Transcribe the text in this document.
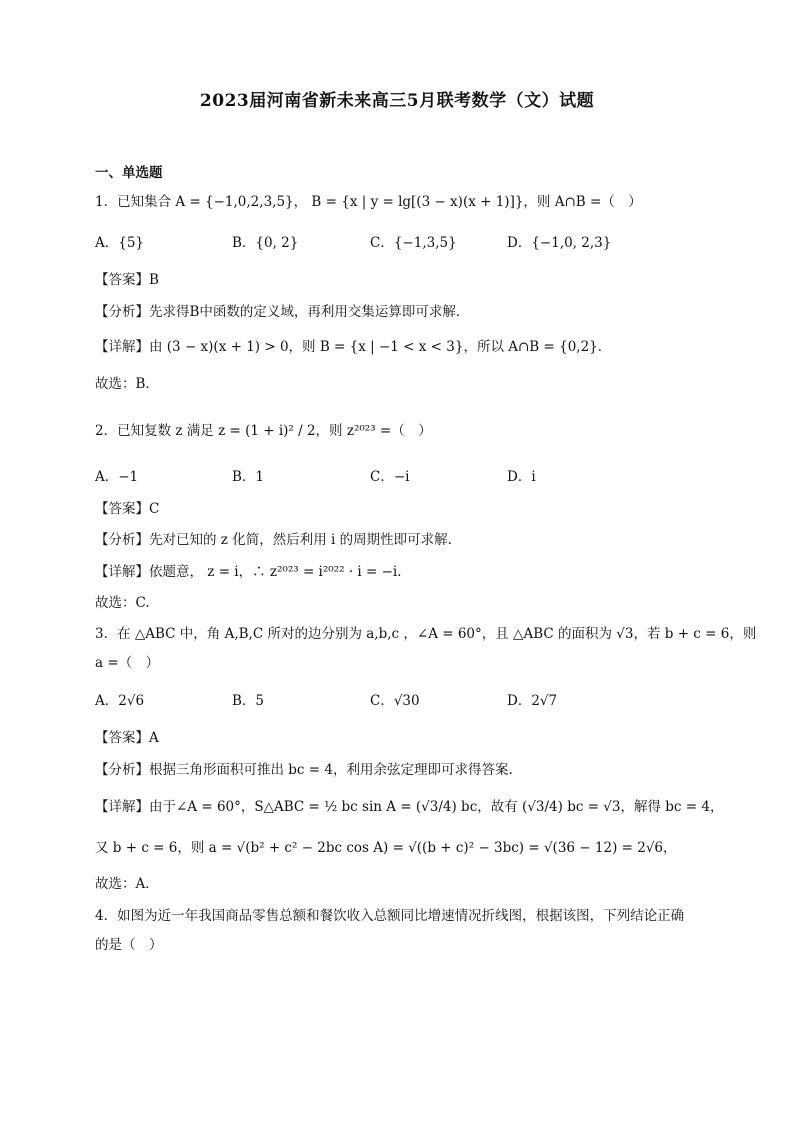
2023届河南省新未来高三5月联考数学（文）试题
一、单选题
1．已知集合 A = {−1,0,2,3,5}， B = {x | y = lg[(3 − x)(x + 1)]}，则 A∩B =（　）
A．{5}	B．{0, 2}	C．{−1,3,5}	D．{−1,0, 2,3}
【答案】B
【分析】先求得B中函数的定义域，再利用交集运算即可求解．
【详解】由 (3 − x)(x + 1) > 0，则 B = {x | −1 < x < 3}，所以 A∩B = {0,2}．
故选：B．
2．已知复数 z 满足 z = (1 + i)² / 2，则 z²⁰²³ =（　）
A．−1	B．1	C．−i	D．i
【答案】C
【分析】先对已知的 z 化简，然后利用 i 的周期性即可求解.
【详解】依题意， z = i，∴ z²⁰²³ = i²⁰²² · i = −i．
故选：C.
3．在 △ABC 中，角 A,B,C 所对的边分别为 a,b,c ，∠A = 60°，且 △ABC 的面积为 √3，若 b + c = 6，则
a =（　）
A．2√6	B．5	C．√30	D．2√7
【答案】A
【分析】根据三角形面积可推出 bc = 4，利用余弦定理即可求得答案.
【详解】由于∠A = 60°，S△ABC = ½ bc sin A = (√3/4) bc，故有 (√3/4) bc = √3，解得 bc = 4，
又 b + c = 6，则 a = √(b² + c² − 2bc cos A) = √((b + c)² − 3bc) = √(36 − 12) = 2√6，
故选：A．
4．如图为近一年我国商品零售总额和餐饮收入总额同比增速情况折线图，根据该图，下列结论正确
的是（　）
